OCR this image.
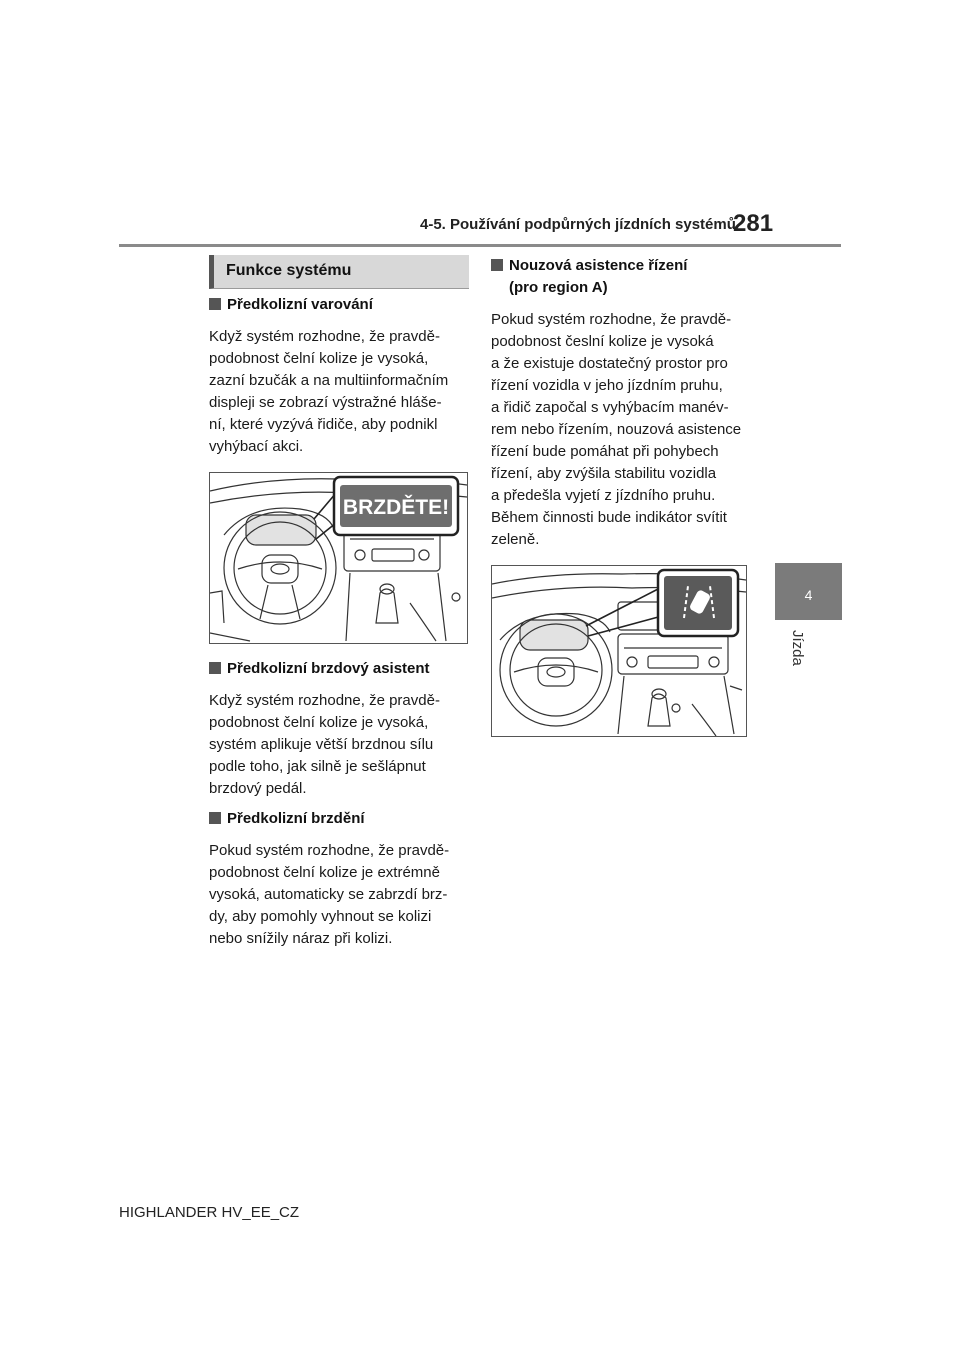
4-5. Používání podpůrných jízdních systémů
281
4
Jízda
Funkce systému
Předkolizní varování
Když systém rozhodne, že pravdě-
podobnost čelní kolize je vysoká,
zazní bzučák a na multiinformačním
displeji se zobrazí výstražné hláše-
ní, které vyzývá řidiče, aby podnikl
vyhýbací akci.
BRZDĚTE!
Předkolizní brzdový asistent
Když systém rozhodne, že pravdě-
podobnost čelní kolize je vysoká,
systém aplikuje větší brzdnou sílu
podle toho, jak silně je sešlápnut
brzdový pedál.
Předkolizní brzdění
Pokud systém rozhodne, že pravdě-
podobnost čelní kolize je extrémně
vysoká, automaticky se zabrzdí brz-
dy, aby pomohly vyhnout se kolizi
nebo snížily náraz při kolizi.
Nouzová asistence řízení
(pro region A)
Pokud systém rozhodne, že pravdě-
podobnost česlní kolize je vysoká
a že existuje dostatečný prostor pro
řízení vozidla v jeho jízdním pruhu,
a řidič započal s vyhýbacím manév-
rem nebo řízením, nouzová asistence
řízení bude pomáhat při pohybech
řízení, aby zvýšila stabilitu vozidla
a předešla vyjetí z jízdního pruhu.
Během činnosti bude indikátor svítit
zeleně.
HIGHLANDER HV_EE_CZ
